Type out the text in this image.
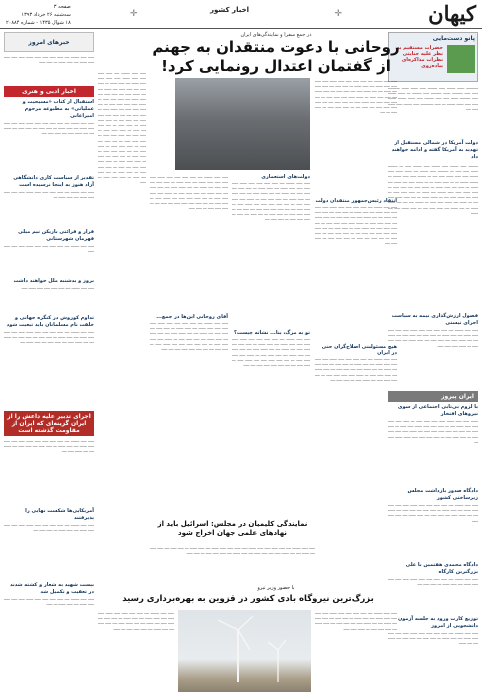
کیهان
✛
اخبار کشور
✛
صفحه ۳
سه‌شنبه ۲۶ خرداد ۱۳۹۳
۱۸ شوال ۱۴۳۵ - شماره ۲۰۸۸۴
پانو دست‌مایی
حضرات مستقیم به نظر علیه جنایتی
نظرات مذاکره‌ای پیاده‌روی
ــــــــــ ــــــ ـــــــ ـــــ ــــــــ ـــــ ــــــ ــــــ ــــــــــ ـــــ ـــــ ـــــــــ ــــــ ـــــــــ ـــــ ــــــــ ـــ ــــــ ـــــــ ـــــ ـــــــــ ــــــ ـــــ ـــــ ــــــــ ـــــ ــــــ ـــــــ ـــــــ ـــــ ـــــ ــــــ ـــــــ ـــ ـــــ ـــــــــــ ـــــ ـــــــ ـــــ ــــــ ـــــ ــــ
دولت آمریکا در شمالی مستقبل از تهدید به آمریکا گفته و ادامه خواهند داد
ــــــــ ـــــ ـــــــ ـــــ ـــــــ ـــــ ـــــــ ـــــ ـــ ــــــــ ــــــ ـــــ ـــــ ـــ ـــــــــ ـــــ ـــــــ ــــ ــــــ ــــــ ـــــ ـــــــ ـــــ ـــــ ــــــ ـــــ ــــ ـــ ـــــــ ـــــ ـــــ ـــــــ ـــ ـــــــ ـــــــ ـــ ـــ ـــــ ــــــ ـــ ـــ ــــــ ـــــ ــــ ــــــ ــــ ــــــ ـــ ـــــ ــــ ـــــ ــــــ ـــ ــــــ ـــــ ــــ ـــــ ـــــ ـــ ـــــ ــــــ ـــــ ـــــ ـــــــ ــــ ــــــ ـــ ـــــ ـــــ ـــــ ـــ ـــــ ــــ ــــــ ـــــ ــــ ـــ ــــــ ــــــ ـــ ــــ ـــــ ــــــ ـــــ ــــ ـــ ــــــ ــــ ــــــ ـــــ ـــــ ـــ ـــــــ ــــ ــــ ــــ ــــــ ــــــ ـــ ــــ ــــــ ــــ ـــــ ـــــ ــــ ـــ ـــــ ــــــ ـــــ ــــ ــــــ
فصول ارزش‌گذاری نیمه به سیاست اجرای نیستی
ـــــ ـــــ ـــــــ ــــ ـــــ ـــــ ـــــ ـــــ ــــــ ـــــ ـــــ ـــــ ـــــ ــــــ ــــ ـــــ ــــــ ـــ ـــــ ـــــ ــــ ـــــ ـــــ ــــ ــــــ ــــ ــــ ــــــ ـــــ ــــ ـــــ ـــــ ــــ ـــــ ــــــ ــــ ـــــ ـــــ ـــــ ـــ ــــــ ـــــ ـــــ ـــــ
ایران پیروز
با لزوم بی‌تابی اجتماعی از سوی نیرو‌های افتخار
ــــــ ـــــ ـــــ ــــــ ـــــ ـــــ ـــــ ـــــ ـــ ـــــ ـــــ ـــــ ـــــ ـــــ ــــــ ــــ ـــ ـــــ ـــــ ـــــ ــــــ ـــــ ـــــ ـــ ـــــ ـــــ ــــ ـــــ ــــ ـــــ ـــــ ـــــ ـــــ ــــ ــــــ ـــــ ـــــ ـــــ ـــــ ـــ ـــــ ـــــ ـــــ ـــ ـــــ ـــــ ـــــ ـــــ ــــــ ــــــ ـــــ ـــ
دادگاه صدور بازداشت مجلس زیرساختی کشور
ـــــ ـــــ ـــــــ ــــ ـــــ ـــــ ـــــ ـــــ ــــــ ـــــ ـــــ ـــــ ـــــ ــــــ ــــ ـــــ ــــــ ـــ ـــــ ـــــ ــــ ـــــ ـــــ ــــ ــــــ ــــ ــــ ــــــ ـــــ ــــ ـــــ ـــــ ــــ ـــــ ــــــ ــــ ـــــ ـــــ ـــــ
دادگاه محمدی هفتمین با علی بزرگترین کارگاه
ـــــ ـــــ ـــــــ ــــ ـــــ ـــــ ـــــ ـــــ ــــــ ـــــ ـــــ ـــــ ـــــ ــــــ ــــ ـــــ ــــــ ـــ ـــــ ـــــ ــــ
توزیع کارت ورود به جلسه آزمون دانشجویی از امروز
ـــــ ـــــ ـــــــ ــــ ـــــ ـــــ ـــــ ـــــ ــــــ ـــــ ـــــ ـــــ ـــــ ــــــ ــــ ـــــ ــــــ ـــ ـــــ ـــــ ــــ ـــــ ـــــ ــــ ــــــ ــــ ــــ ــــــ
در جمع سفرا و نمایندگی‌های ایران
روحانی با دعوت منتقدان به جهنم
از گفتمان اعتدال رونمایی کرد!
ـــــ ـــــ ـــــــ ــــ ـــــ ـــــ ـــــ ـــــ ــــــ ـــــ ـــــ ـــــ ـــــ ــــــ ــــ ـــــ ــــــ ـــ ـــــ ـــــ ــــ ـــــ ـــــ ــــ ــــــ ــــ ــــ ــــــ ـــــ ــــ ـــــ ـــــ ــــ ـــــ ــــــ ــــ ـــــ ـــــ ـــــ ـــ ــــــ ـــــ ـــــ ـــــ ـــــ ـــ ــــ ـــــ ـــــ ـــــ ــــ ــــــ ـــــ ـــ ـــــ ـــــ ــــ ــــ ـــــ ـــــ ـــــ ـــــ ــــ ـــــ ــــ ـــ ـــــ ـــــ ـــــ ـــ ـــــ ـــــ ـــ ــــ
انتقاد رئیس‌جمهور منتقدان دولت
ـــــ ـــــ ـــــــ ــــ ـــــ ـــــ ـــــ ـــــ ــــــ ـــــ ـــــ ـــــ ـــــ ــــــ ــــ ـــــ ــــــ ـــ ـــــ ـــــ ــــ ـــــ ـــــ ــــ ــــــ ــــ ــــ ــــــ ـــــ ــــ ـــــ ـــــ ــــ ـــــ ــــــ ــــ ـــــ ـــــ ـــــ ـــ ــــــ ـــــ ـــــ ـــــ ـــــ ـــ ــــ ـــــ ـــــ ـــــ ــــ ــــــ ـــــ ـــ ـــــ ـــــ ــــ ــــ ـــــ ـــــ ـــــ ـــــ ــــ ـــــ ــــ ـــ ـــــ ـــــ ـــــ ـــ ـــــ ـــــ ـــ ــــ ـــــ ــــ ـــــ ـــ ـــــ ـــــ ـــــ ـــ ـــــ ـــــ ــــ
هیچ مسئولیتی اصلاح‌گران حتی در ایران
ـــــ ـــــ ـــــــ ــــ ـــــ ـــــ ـــــ ـــــ ــــــ ـــــ ـــــ ـــــ ـــــ ــــــ ــــ ـــــ ــــــ ـــ ـــــ ـــــ ــــ ـــــ ـــــ ــــ ــــــ ــــ ــــ ــــــ ـــــ ــــ ـــــ ـــــ ــــ ـــــ ــــــ ــــ ـــــ ـــــ ـــــ ـــ ــــــ ـــــ ـــــ ـــــ ـــــ ـــ ــــ ـــــ ـــــ ـــــ ــــ ــــــ ـــــ ـــ ـــــ ـــــ ــــ
دولت‌های استعماری
ـــــ ـــــ ـــــــ ــــ ـــــ ـــــ ـــــ ـــــ ــــــ ـــــ ـــــ ـــــ ـــــ ــــــ ــــ ـــــ ــــــ ـــ ـــــ ـــــ ــــ ـــــ ـــــ ــــ ــــــ ــــ ــــ ــــــ ـــــ ــــ ـــــ ـــــ ــــ ـــــ ــــــ ــــ ـــــ ـــــ ـــــ ـــ ــــــ ـــــ ـــــ ـــــ ـــــ ـــ ــــ ـــــ ـــــ ـــــ ــــ ــــــ ـــــ ـــ ـــــ ـــــ ــــ ــــ ـــــ ـــــ ـــــ ـــــ ــــ ـــــ ــــ ـــ ـــــ ـــــ ـــــ ـــ ـــــ ـــــ ـــ ــــ ـــــ ــــ ـــــ ـــ ـــــ ـــــ ـــــ ـــ ـــــ ـــــ ــــ
تو به مرگ، بنا... نشانه چیست؟
ـــــ ـــــ ـــــــ ــــ ـــــ ـــــ ـــــ ـــــ ــــــ ـــــ ـــــ ـــــ ـــــ ــــــ ــــ ـــــ ــــــ ـــ ـــــ ـــــ ــــ ـــــ ـــــ ــــ ــــــ ــــ ــــ ــــــ ـــــ ــــ ـــــ ـــــ ــــ ـــــ ــــــ ــــ ـــــ ـــــ ـــــ ـــ ــــــ ـــــ ـــــ ـــــ ـــــ ـــ ــــ ـــــ ـــــ ـــــ ــــ ــــــ ـــــ ـــ ـــــ ـــــ ــــ ــــ ـــــ ـــــ ـــــ ـــــ ــــ ـــــ
ـــــ ـــــ ـــــــ ــــ ـــــ ـــــ ـــــ ـــــ ــــــ ـــــ ـــــ ـــــ ـــــ ــــــ ــــ ـــــ ــــــ ـــ ـــــ ـــــ ــــ ـــــ ـــــ ــــ ــــــ ــــ ــــ ــــــ ـــــ ــــ ـــــ ـــــ ــــ ـــــ ــــــ ــــ ـــــ ـــــ ـــــ ـــ ــــــ ـــــ ـــــ ـــــ ـــــ ـــ ــــ ـــــ ـــــ ـــــ ــــ ــــــ ـــــ ـــ ـــــ ـــــ ــــ ــــ ـــــ ـــــ ـــــ ـــــ ــــ ـــــ ــــ ـــ ـــــ ـــــ ـــــ ـــ ـــــ ـــــ
آقای روحانی این‌ها در جمع...
ـــــ ـــــ ـــــــ ــــ ـــــ ـــــ ـــــ ـــــ ــــــ ـــــ ـــــ ـــــ ـــــ ــــــ ــــ ـــــ ــــــ ـــ ـــــ ـــــ ــــ ـــــ ـــــ ــــ ــــــ ــــ ــــ ــــــ ـــــ ــــ ـــــ ـــــ ــــ ـــــ ــــــ ــــ ـــــ ـــــ ـــــ ـــ ــــــ ـــــ ـــــ ـــــ ـــــ ـــ ــــ ـــــ ـــــ ـــــ ــــ ــــــ ـــــ ـــ ـــــ ـــــ ــــ ــــ ـــــ ـــــ ـــــ ـــــ ــــ ـــــ
نمایندگی کلیمیان در مجلس: اسرائیل باید از نهادهای علمی جهان اخراج شود
ـــــ ـــــ ـــــــ ــــ ـــــ ـــــ ـــــ ـــــ ــــــ ـــــ ـــــ ـــــ ـــــ ــــــ ــــ ـــــ ــــــ ـــ ـــــ ـــــ ــــ ـــــ ـــــ ــــ ــــــ ــــ ــــ ــــــ ـــــ ــــ ـــــ ـــــ ــــ ـــــ ــــــ ــــ ـــــ ـــــ ـــــ ـــ ـــــ ـــــ
با حضور وزیر نیرو
بزرگ‌ترین نیروگاه بادی کشور در قزوین به بهره‌برداری رسید
ـــــ ـــــ ـــــــ ــــ ـــــ ـــــ ـــــ ـــــ ــــــ ـــــ ـــــ ـــــ ـــــ ــــــ ــــ ـــــ ــــــ ـــ ـــــ ـــــ ــــ ـــــ ـــــ ــــ ــــــ ــــ ــــ ــــــ ـــــ ــــ ـــــ ـــــ ــــ ـــــ ــــــ ــــ ـــــ ـــــ ـــــ ـــ ــــــ ـــــ ـــــ
ـــــ ـــــ ـــــــ ــــ ـــــ ـــــ ـــــ ـــــ ــــــ ـــــ ـــــ ـــــ ـــــ ــــــ ــــ ـــــ ــــــ ـــ ـــــ ـــــ ــــ ـــــ ـــــ ــــ ــــــ ــــ ــــ ــــــ ـــــ ــــ ـــــ ـــــ ــــ ـــــ ــــــ ــــ ـــــ ـــــ ـــــ ـــ ــــــ
ـــــ ـــــ ـــــــ ــــ ـــــ ـــــ ـــــ ـــــ ــــــ ـــــ ـــــ ـــــ ـــــ ــــــ ــــ ـــــ ــــــ ـــ ـــــ ـــــ ــــ ـــــ ـــــ ــــ ــــــ ــــ ــــ ــــــ ـــــ ــــ ـــــ ـــــ ــــ ـــــ ــــــ ــــ ـــــ ـــــ ـــــ ـــ ــــــ ـــــ ـــــ ـــــ ـــــ ـــ ــــ ـــــ ـــــ ـــــ ــــ ــــــ ـــــ ـــ ـــــ ـــــ ــــ ــــ ـــــ ـــــ ـــــ ـــــ ــــ ـــــ ــــ ـــ ـــــ ـــــ ـــــ ـــ ـــــ ـــــ ـــ ــــ ـــــ ــــ ـــــ ـــ ـــــ ـــــ ـــــ ـــ ـــــ ـــــ ــــ ـــــ ـــــ ـــــ ـــ ـــــ ـــــ ـــــ ـــ ــــ ـــــ ــــ ـــــ ـــ ـــــ ـــــ ـــــ ـــ ـــــ ـــــ ــــ ــــ ـــــ ـــــ ـــــ ـــ ـــــ ـــــ ـــ ــــ ـــــ ــــ ـــــ ـــ ـــــ ـــــ ـــــ ـــ ـــــ ـــــ ـــــ ـــــ ــــ ـــــ ـــ ـــــ ـــــ ـــــ ـــ ـــــ ـــــ ـــ ــــ ـــــ ــــ ـــــ ـــ ـــــ ـــــ ـــــ ـــ ـــــ
خبرهای امروز
ـــــ ـــــ ـــــــ ــــ ـــــ ـــــ ـــــ ـــــ ــــــ ـــــ ـــــ ـــــ ـــــ ــــــ ــــ ـــــ ــــــ ـــ ـــــ ـــــ
اخبار ادبی و هنری
استقبال از کتاب «مسیحیت و عملیاتی» به مطبوعه مرحوم امیراعانی
ـــــ ـــــ ـــــــ ــــ ـــــ ـــــ ـــــ ـــــ ــــــ ـــــ ـــــ ـــــ ـــــ ــــــ ــــ ـــــ ــــــ ـــ ـــــ ـــــ ــــ ـــــ ـــــ ــــ ــــــ ــــ ــــ ــــــ ـــــ ــــ ـــــ ـــــ ــــ
تقدیر از سیاست کاری دانشگاهی آزاد هنوز به اینجا نرسیده است
ـــــ ـــــ ـــــــ ــــ ـــــ ـــــ ـــــ ـــــ ــــــ ـــــ ـــــ ـــــ ـــــ ــــــ ــــ ـــــ ــــــ ـــ
قرار و قرائتی بازیکن تیم میلی قهرمان شهرستانی
ـــــ ـــــ ـــــــ ــــ ـــــ ـــــ ـــــ ـــــ ــــــ ـــــ ـــــ ـــــ ـــــ
بروز و بدشنبه ملل خواهند داشت
ـــــ ـــــ ـــــــ ــــ ـــــ ـــــ ـــــ ـــــ ــــــ ـــــ
تداوم کوروش در کنگره جهانی و خلقت نام مسلمانان باید تبعیت شود
ـــــ ـــــ ـــــــ ــــ ـــــ ـــــ ـــــ ـــــ ــــــ ـــــ ـــــ ـــــ ـــــ ــــــ ــــ ـــــ ــــــ ـــ ـــــ ـــــ ــــ ـــــ ـــــ ــــ ــــــ ــــ ــــ ــــــ ـــــ ــــ ـــــ ـــــ ــــ ـــــ ــــــ ــــ
اجرای تدبیر علیه داعش را از ایران گزینه‌ای که ایران از مقاومت گذشته است
ـــــ ـــــ ـــــــ ــــ ـــــ ـــــ ـــــ ـــــ ــــــ ـــــ ـــــ ـــــ ـــــ ــــــ ــــ ـــــ ــــــ ـــ ـــــ ـــــ ــــ ـــــ ـــــ ــــ ــــــ ــــ ــــ ــــــ ـــــ ــــ
آمریکایی‌ها شکست نهایی را پذیرفتند
ـــــ ـــــ ـــــــ ــــ ـــــ ـــــ ـــــ ـــــ ــــــ ـــــ ـــــ ـــــ ـــــ ــــــ ــــ ـــــ ــــــ ـــ ـــــ ـــــ ــــ
بیست شهید به شعار و کشته شدند در تعقیب و تکمیل شد
ـــــ ـــــ ـــــــ ــــ ـــــ ـــــ ـــــ ـــــ ــــــ ـــــ ـــــ ـــــ ـــــ ــــــ ــــ ـــــ ــــــ ـــ ـــــ
